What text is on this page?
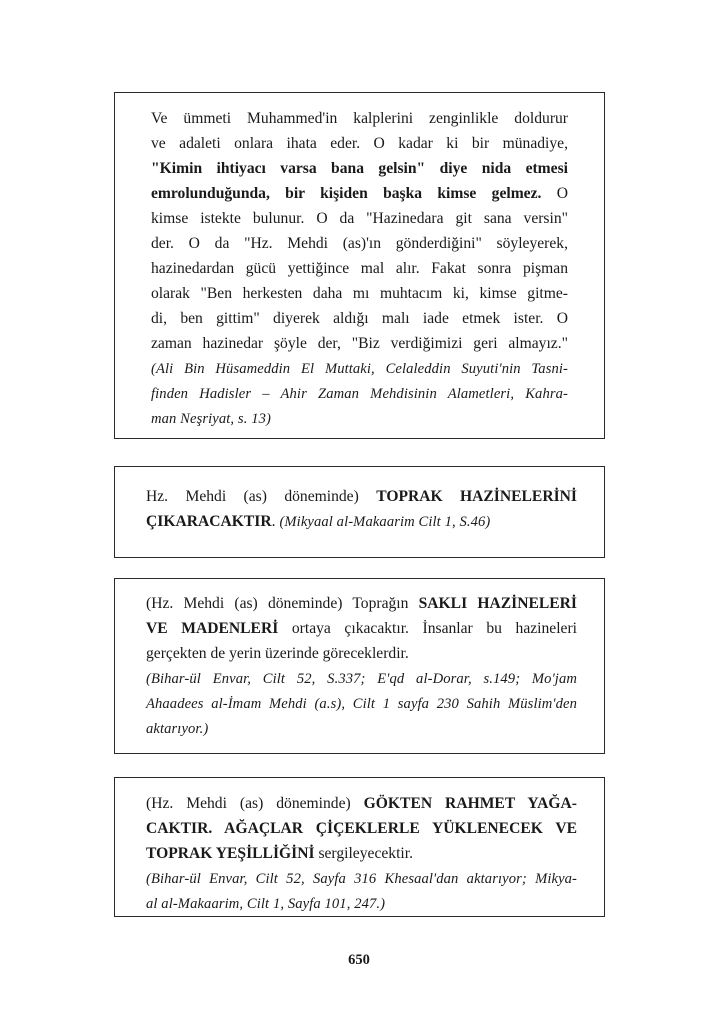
Ve ümmeti Muhammed'in kalplerini zenginlikle doldurur
ve adaleti onlara ihata eder. O kadar ki bir münadiye,
"Kimin ihtiyacı varsa bana gelsin" diye nida etmesi
emrolunduğunda, bir kişiden başka kimse gelmez. O
kimse istekte bulunur. O da "Hazinedara git sana versin"
der. O da "Hz. Mehdi (as)'ın gönderdiğini" söyleyerek,
hazinedardan gücü yettiğince mal alır. Fakat sonra pişman
olarak "Ben herkesten daha mı muhtacım ki, kimse gitme-
di, ben gittim" diyerek aldığı malı iade etmek ister. O
zaman hazinedar şöyle der, "Biz verdiğimizi geri almayız."
(Ali Bin Hüsameddin El Muttaki, Celaleddin Suyuti'nin Tasni-
finden Hadisler – Ahir Zaman Mehdisinin Alametleri, Kahra-
man Neşriyat, s. 13)
Hz. Mehdi (as) döneminde) TOPRAK HAZİNELERİNİ
ÇIKARACAKTIR. (Mikyaal al-Makaarim Cilt 1, S.46)
(Hz. Mehdi (as) döneminde) Toprağın SAKLI HAZİNELERİ
VE MADENLERİ ortaya çıkacaktır. İnsanlar bu hazineleri
gerçekten de yerin üzerinde göreceklerdir.
(Bihar-ül Envar, Cilt 52, S.337; E'qd al-Dorar, s.149; Mo'jam
Ahaadees al-İmam Mehdi (a.s), Cilt 1 sayfa 230 Sahih Müslim'den
aktarıyor.)
(Hz. Mehdi (as) döneminde) GÖKTEN RAHMET YAĞA-
CAKTIR. AĞAÇLAR ÇİÇEKLERLE YÜKLENECEK VE
TOPRAK YEŞİLLİĞİNİ sergileyecektir.
(Bihar-ül Envar, Cilt 52, Sayfa 316 Khesaal'dan aktarıyor; Mikya-
al al-Makaarim, Cilt 1, Sayfa 101, 247.)
650
